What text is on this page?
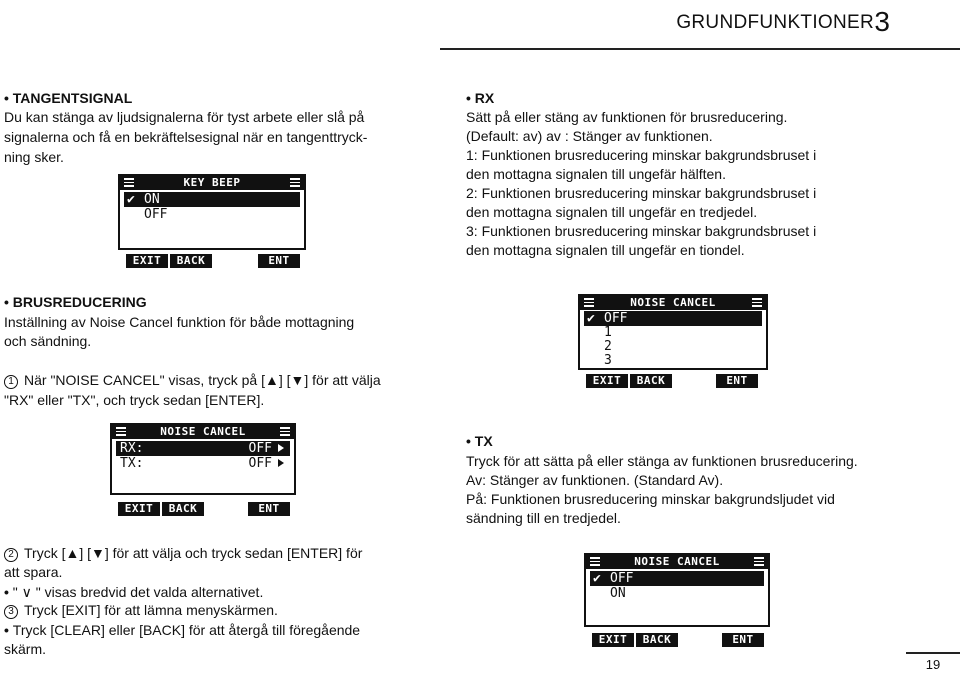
GRUNDFUNKTIONER 3
• TANGENTSIGNAL
Du kan stänga av ljudsignalerna för tyst arbete eller slå på
signalerna och få en bekräftelsesignal när en tangenttryck-
ning sker.
KEY BEEP
✔ ON
OFF
EXIT	BACK	ENT
• BRUSREDUCERING
Inställning av Noise Cancel funktion för både mottagning
och sändning.
1 När "NOISE CANCEL" visas, tryck på [▲] [▼] för att välja
"RX" eller "TX", och tryck sedan [ENTER].
NOISE CANCEL
RX:	OFF
TX:	OFF
EXIT	BACK	ENT
2 Tryck [▲] [▼] för att välja och tryck sedan [ENTER] för
att spara.
• " ∨ " visas bredvid det valda alternativet.
3 Tryck [EXIT] för att lämna menyskärmen.
• Tryck [CLEAR] eller [BACK] för att återgå till föregående
skärm.
• RX
Sätt på eller stäng av funktionen för brusreducering.
(Default: av) av : Stänger av funktionen.
1: Funktionen brusreducering minskar bakgrundsbruset i
den mottagna signalen till ungefär hälften.
2: Funktionen brusreducering minskar bakgrundsbruset i
den mottagna signalen till ungefär en tredjedel.
3: Funktionen brusreducering minskar bakgrundsbruset i
den mottagna signalen till ungefär en tiondel.
NOISE CANCEL
✔ OFF
1
2
3
EXIT	BACK	ENT
• TX
Tryck för att sätta på eller stänga av funktionen brusreducering.
Av: Stänger av funktionen. (Standard Av).
På: Funktionen brusreducering minskar bakgrundsljudet vid
sändning till en tredjedel.
NOISE CANCEL
✔ OFF
ON
EXIT	BACK	ENT
19
